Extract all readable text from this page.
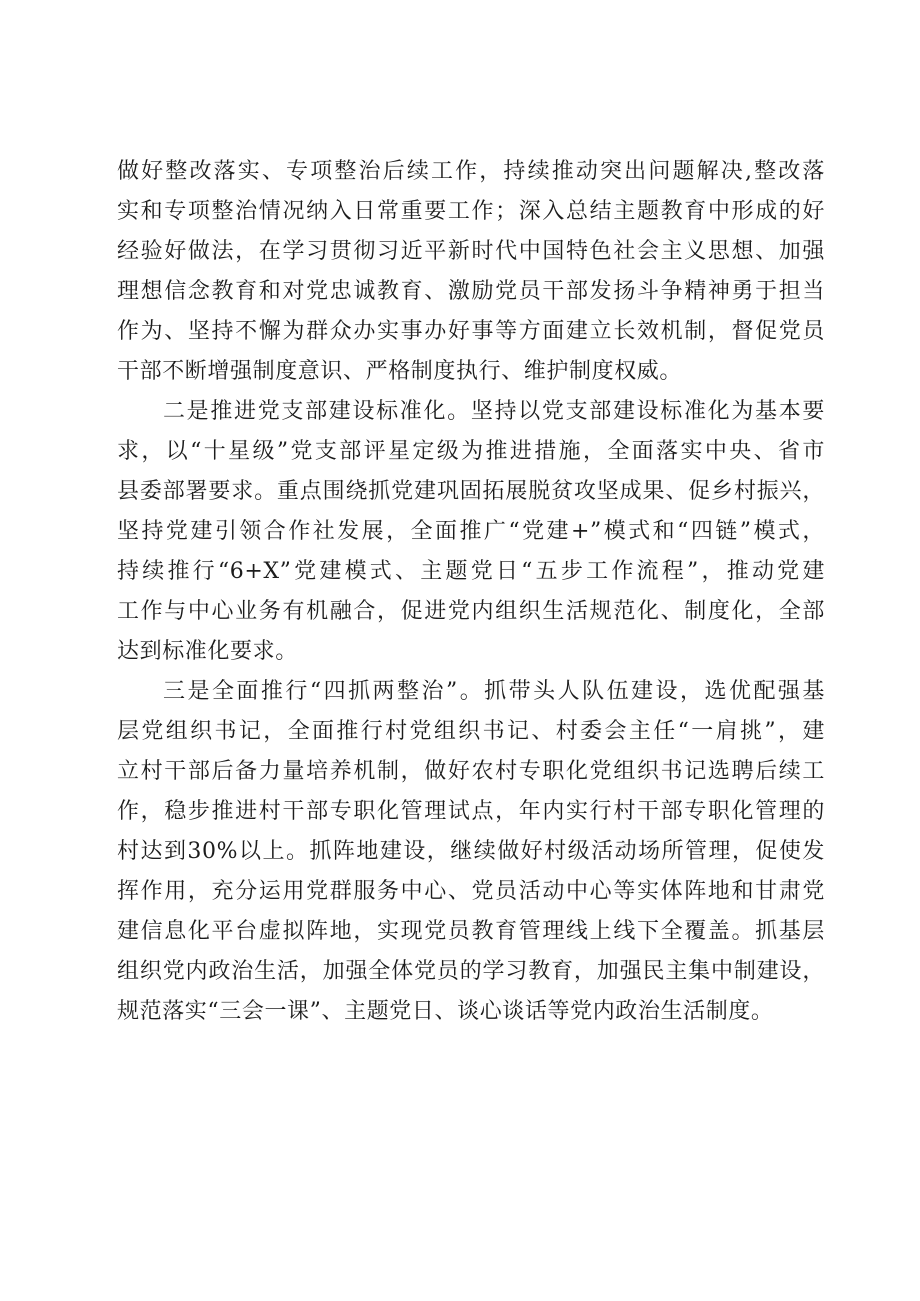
做好整改落实、专项整治后续工作，持续推动突出问题解决,整改落
实和专项整治情况纳入日常重要工作；深入总结主题教育中形成的好
经验好做法，在学习贯彻习近平新时代中国特色社会主义思想、加强
理想信念教育和对党忠诚教育、激励党员干部发扬斗争精神勇于担当
作为、坚持不懈为群众办实事办好事等方面建立长效机制，督促党员
干部不断增强制度意识、严格制度执行、维护制度权威。
二是推进党支部建设标准化。坚持以党支部建设标准化为基本要
求，以“十星级”党支部评星定级为推进措施，全面落实中央、省市
县委部署要求。重点围绕抓党建巩固拓展脱贫攻坚成果、促乡村振兴，
坚持党建引领合作社发展，全面推广“党建+”模式和“四链”模式，
持续推行“6+X”党建模式、主题党日“五步工作流程”，推动党建
工作与中心业务有机融合，促进党内组织生活规范化、制度化，全部
达到标准化要求。
三是全面推行“四抓两整治”。抓带头人队伍建设，选优配强基
层党组织书记，全面推行村党组织书记、村委会主任“一肩挑”，建
立村干部后备力量培养机制，做好农村专职化党组织书记选聘后续工
作，稳步推进村干部专职化管理试点，年内实行村干部专职化管理的
村达到30%以上。抓阵地建设，继续做好村级活动场所管理，促使发
挥作用，充分运用党群服务中心、党员活动中心等实体阵地和甘肃党
建信息化平台虚拟阵地，实现党员教育管理线上线下全覆盖。抓基层
组织党内政治生活，加强全体党员的学习教育，加强民主集中制建设，
规范落实“三会一课”、主题党日、谈心谈话等党内政治生活制度。
